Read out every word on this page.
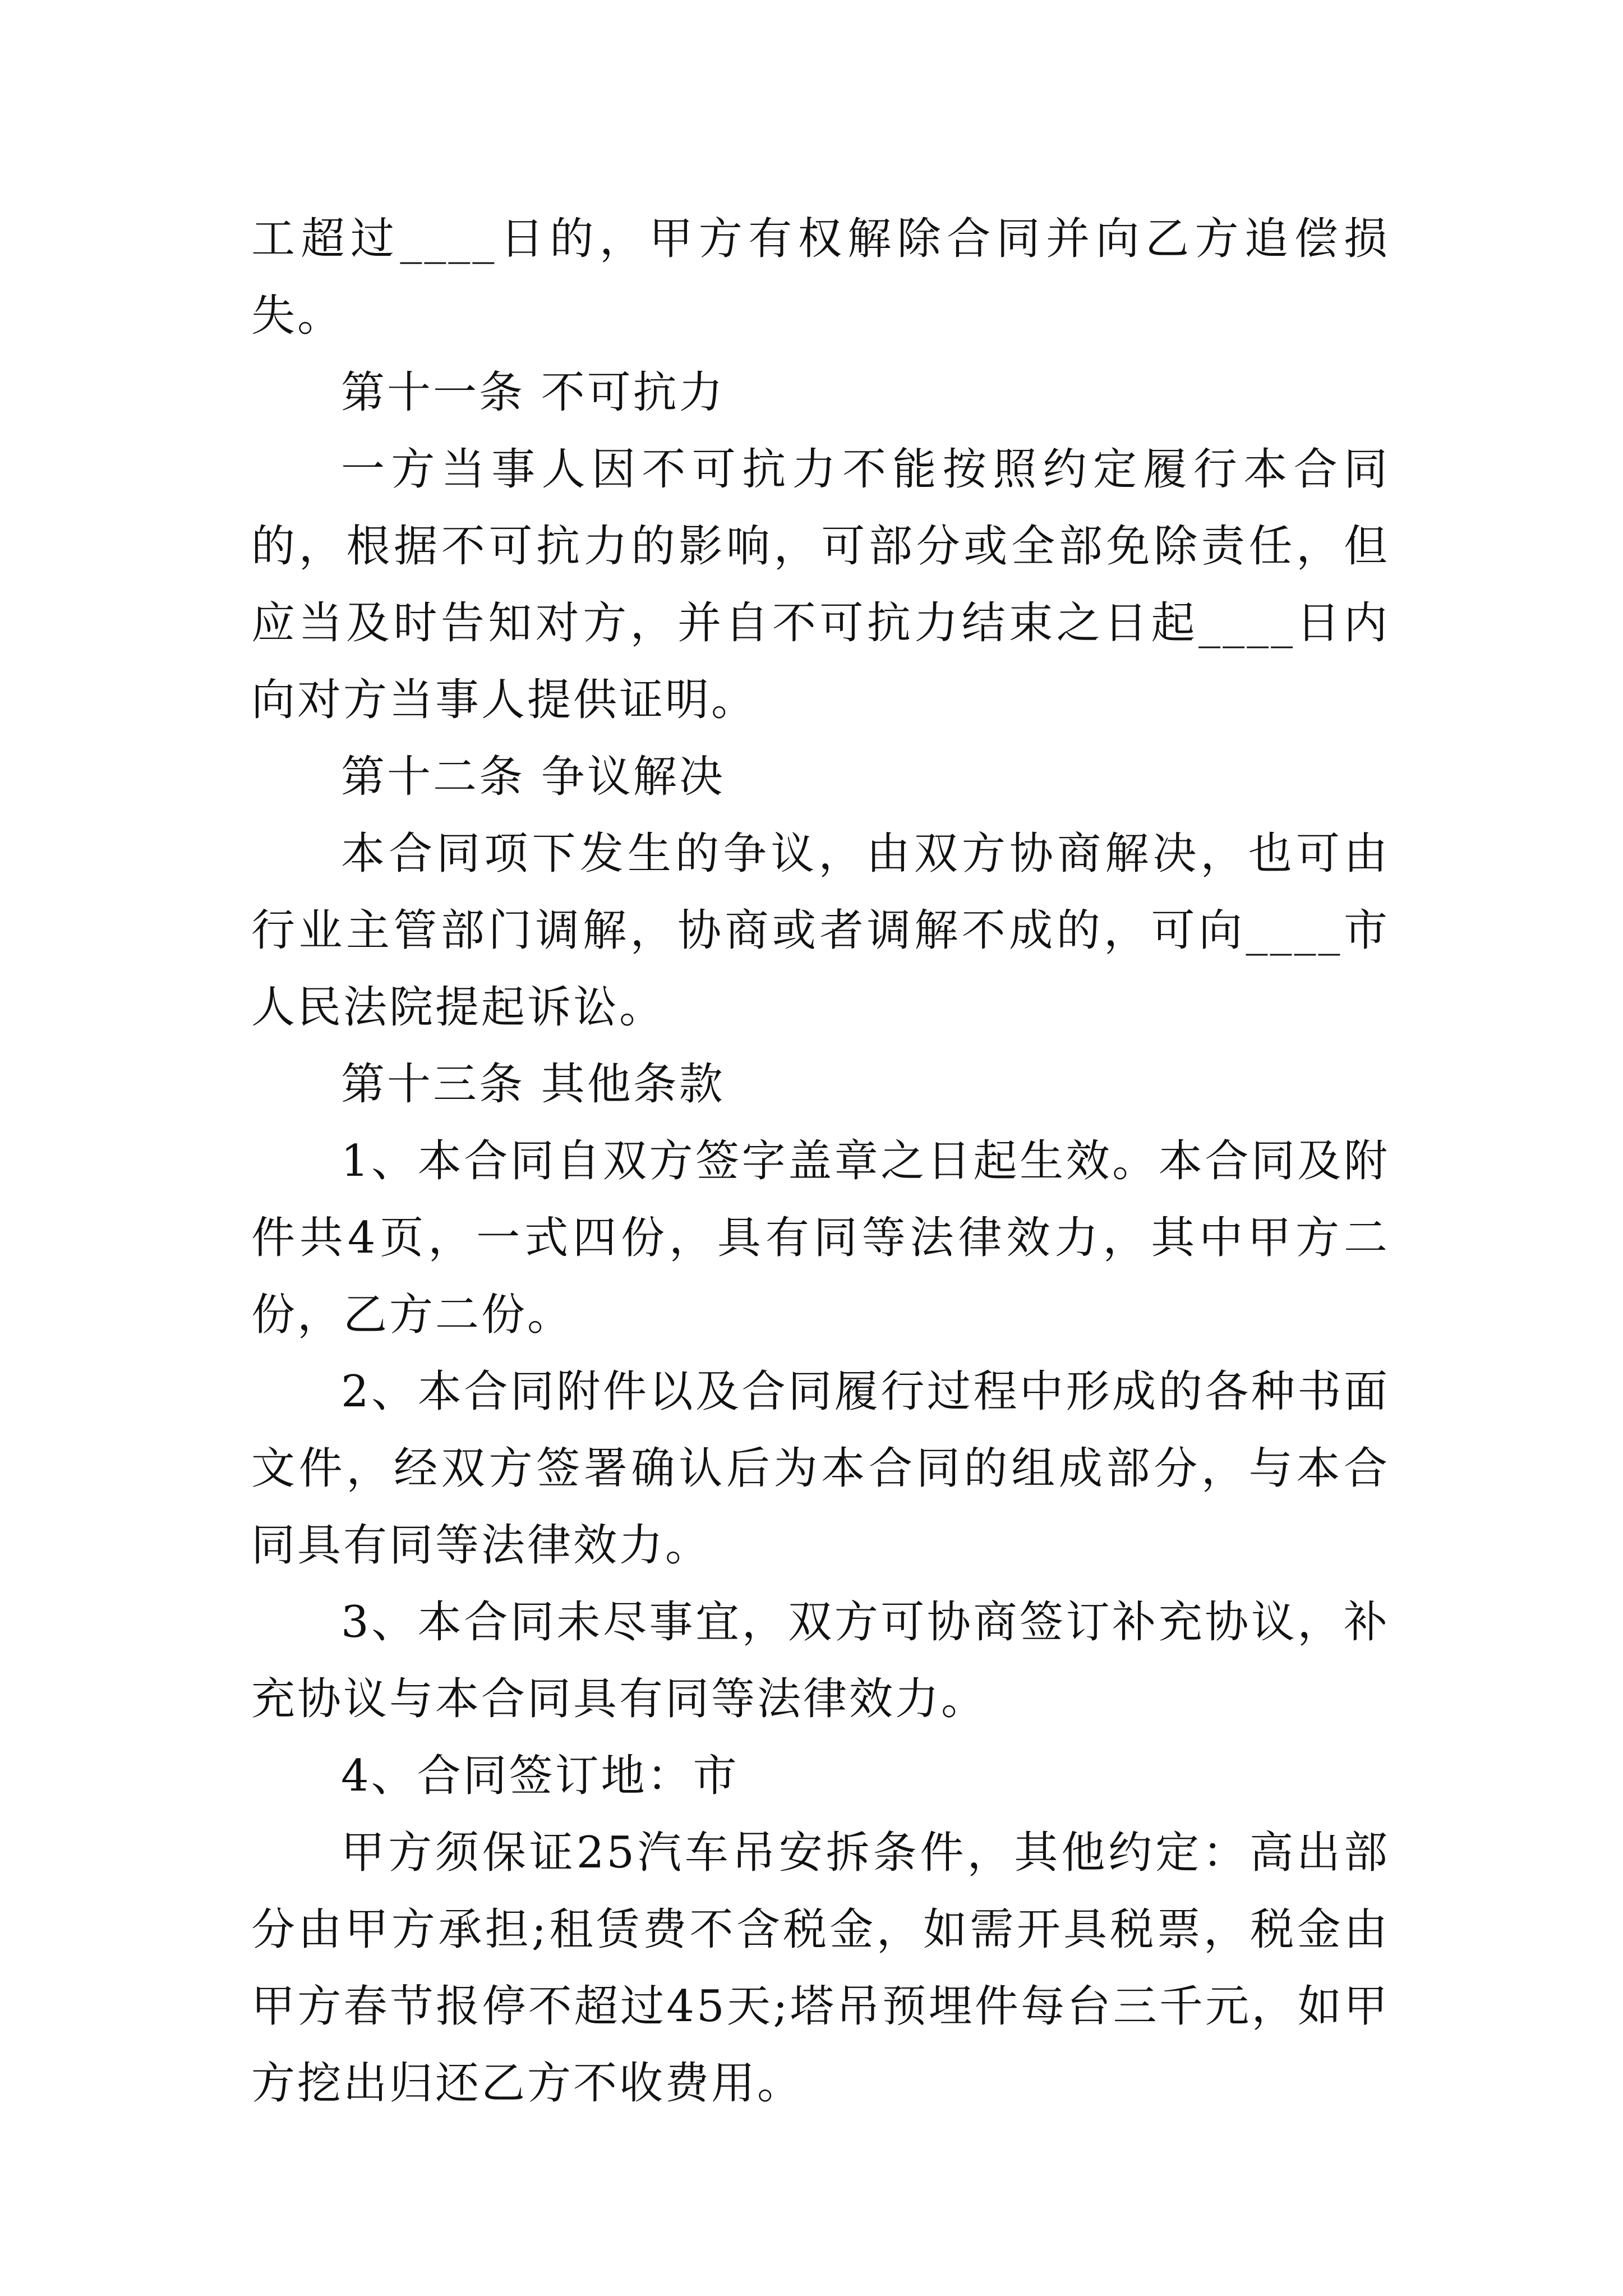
工超过____日的，甲方有权解除合同并向乙方追偿损失。

第十一条 不可抗力

一方当事人因不可抗力不能按照约定履行本合同的，根据不可抗力的影响，可部分或全部免除责任，但应当及时告知对方，并自不可抗力结束之日起____日内向对方当事人提供证明。

第十二条 争议解决

本合同项下发生的争议，由双方协商解决，也可由行业主管部门调解，协商或者调解不成的，可向____市人民法院提起诉讼。

第十三条 其他条款

1、本合同自双方签字盖章之日起生效。本合同及附件共4页，一式四份，具有同等法律效力，其中甲方二份，乙方二份。

2、本合同附件以及合同履行过程中形成的各种书面文件，经双方签署确认后为本合同的组成部分，与本合同具有同等法律效力。

3、本合同未尽事宜，双方可协商签订补充协议，补充协议与本合同具有同等法律效力。

4、合同签订地：市

甲方须保证25汽车吊安拆条件，其他约定：高出部分由甲方承担;租赁费不含税金，如需开具税票，税金由甲方春节报停不超过45天;塔吊预埋件每台三千元，如甲方挖出归还乙方不收费用。
